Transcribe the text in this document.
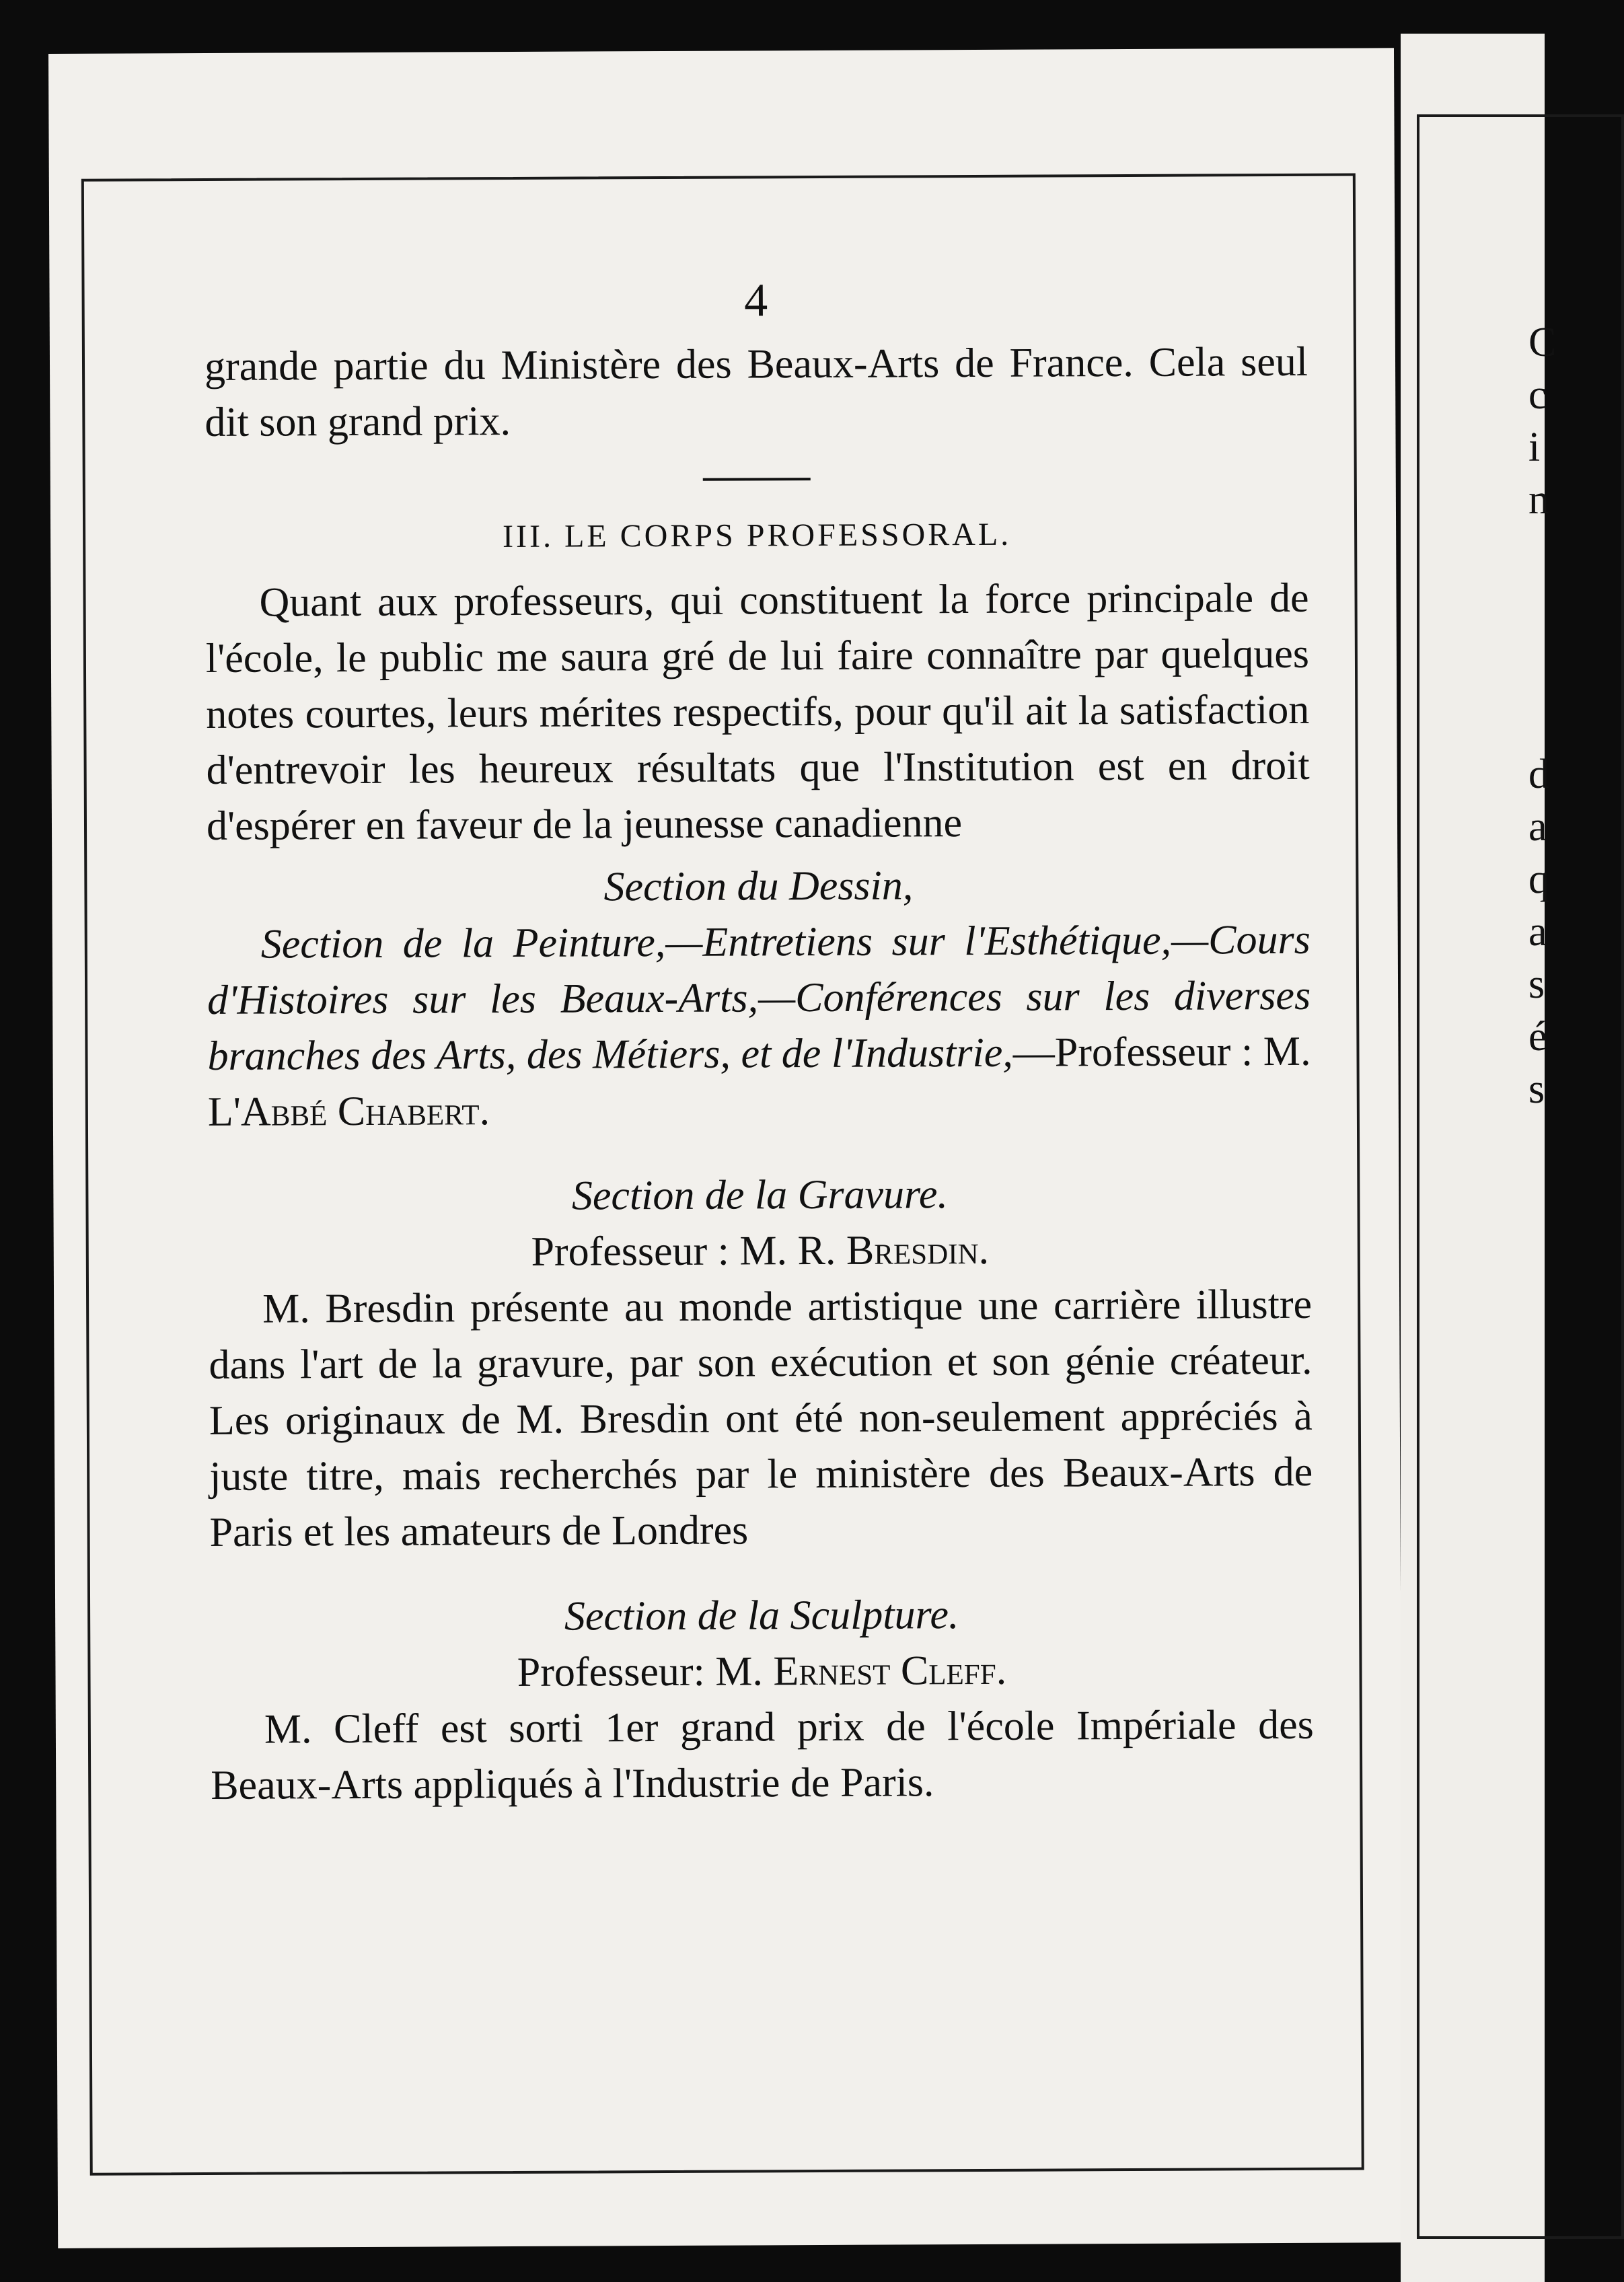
4

grande partie du Ministère des Beaux-Arts de France. Cela seul dit son grand prix.

III. LE CORPS PROFESSORAL.

Quant aux professeurs, qui constituent la force principale de l'école, le public me saura gré de lui faire connaître par quelques notes courtes, leurs mérites respectifs, pour qu'il ait la satisfaction d'entrevoir les heureux résultats que l'Institution est en droit d'espérer en faveur de la jeunesse canadienne

Section du Dessin,

Section de la Peinture,—Entretiens sur l'Esthétique,—Cours d'Histoires sur les Beaux-Arts,—Conférences sur les diverses branches des Arts, des Métiers, et de l'Industrie,—Professeur : M. L'Abbé Chabert.

Section de la Gravure.

Professeur : M. R. Bresdin.

M. Bresdin présente au monde artistique une carrière illustre dans l'art de la gravure, par son exécution et son génie créateur. Les originaux de M. Bresdin ont été non-seulement appréciés à juste titre, mais recherchés par le ministère des Beaux-Arts de Paris et les amateurs de Londres

Section de la Sculpture.

Professeur: M. Ernest Cleff.

M. Cleff est sorti 1er grand prix de l'école Impériale des Beaux-Arts appliqués à l'Industrie de Paris.

C
c
i
n
d
a
q
a
s
é
s
